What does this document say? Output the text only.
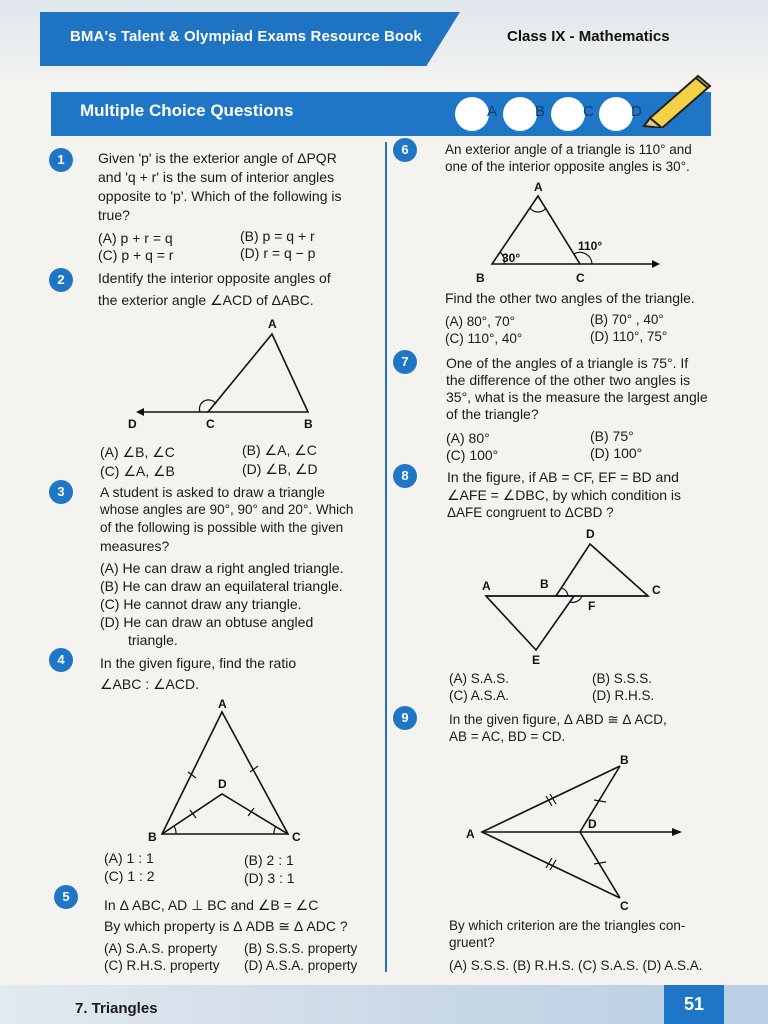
BMA's Talent & Olympiad Exams Resource Book	Class IX - Mathematics
Multiple Choice Questions	A	B	C D
1	Given 'p' is the exterior angle of ΔPQR
and 'q + r' is the sum of interior angles
opposite to 'p'. Which of the following is
true?
(A) p + r = q	(B) p = q + r
(C) p + q = r	(D) r = q − p
2	Identify the interior opposite angles of
the exterior angle ∠ACD of ΔABC.
A
D	C	B
(A) ∠B, ∠C	(B) ∠A, ∠C
(C) ∠A, ∠B	(D) ∠B, ∠D
3	A student is asked to draw a triangle
whose angles are 90°, 90° and 20°. Which
of the following is possible with the given
measures?
(A) He can draw a right angled triangle.
(B) He can draw an equilateral triangle.
(C) He cannot draw any triangle.
(D) He can draw an obtuse angled
triangle.
4	In the given figure, find the ratio
∠ABC : ∠ACD.
A
D
B	C
(A) 1 : 1	(B) 2 : 1
(C) 1 : 2	(D) 3 : 1
5
In Δ ABC, AD ⊥ BC and ∠B = ∠C
By which property is Δ ADB ≅ Δ ADC ?
(A) S.A.S. property (B) S.S.S. property
(C) R.H.S. property (D) A.S.A. property
6	An exterior angle of a triangle is 110° and
one of the interior opposite angles is 30°.
A
B	C
30°
110°
Find the other two angles of the triangle.
(A) 80°, 70°	(B) 70° , 40°
(C) 110°, 40°	(D) 110°, 75°
7	One of the angles of a triangle is 75°. If
the difference of the other two angles is
35°, what is the measure the largest angle
of the triangle?
(A) 80°	(B) 75°
(C) 100°	(D) 100°
8	In the figure, if AB = CF, EF = BD and
∠AFE = ∠DBC, by which condition is
ΔAFE congruent to ΔCBD ?
D
A	B	C
F
E
(A) S.A.S.	(B) S.S.S.
(C) A.S.A.	(D) R.H.S.
9	In the given figure, Δ ABD ≅ Δ ACD,
AB = AC, BD = CD.
B
A
D
C
By which criterion are the triangles con-
gruent?
(A) S.S.S. (B) R.H.S. (C) S.A.S. (D) A.S.A.
7. Triangles	51
